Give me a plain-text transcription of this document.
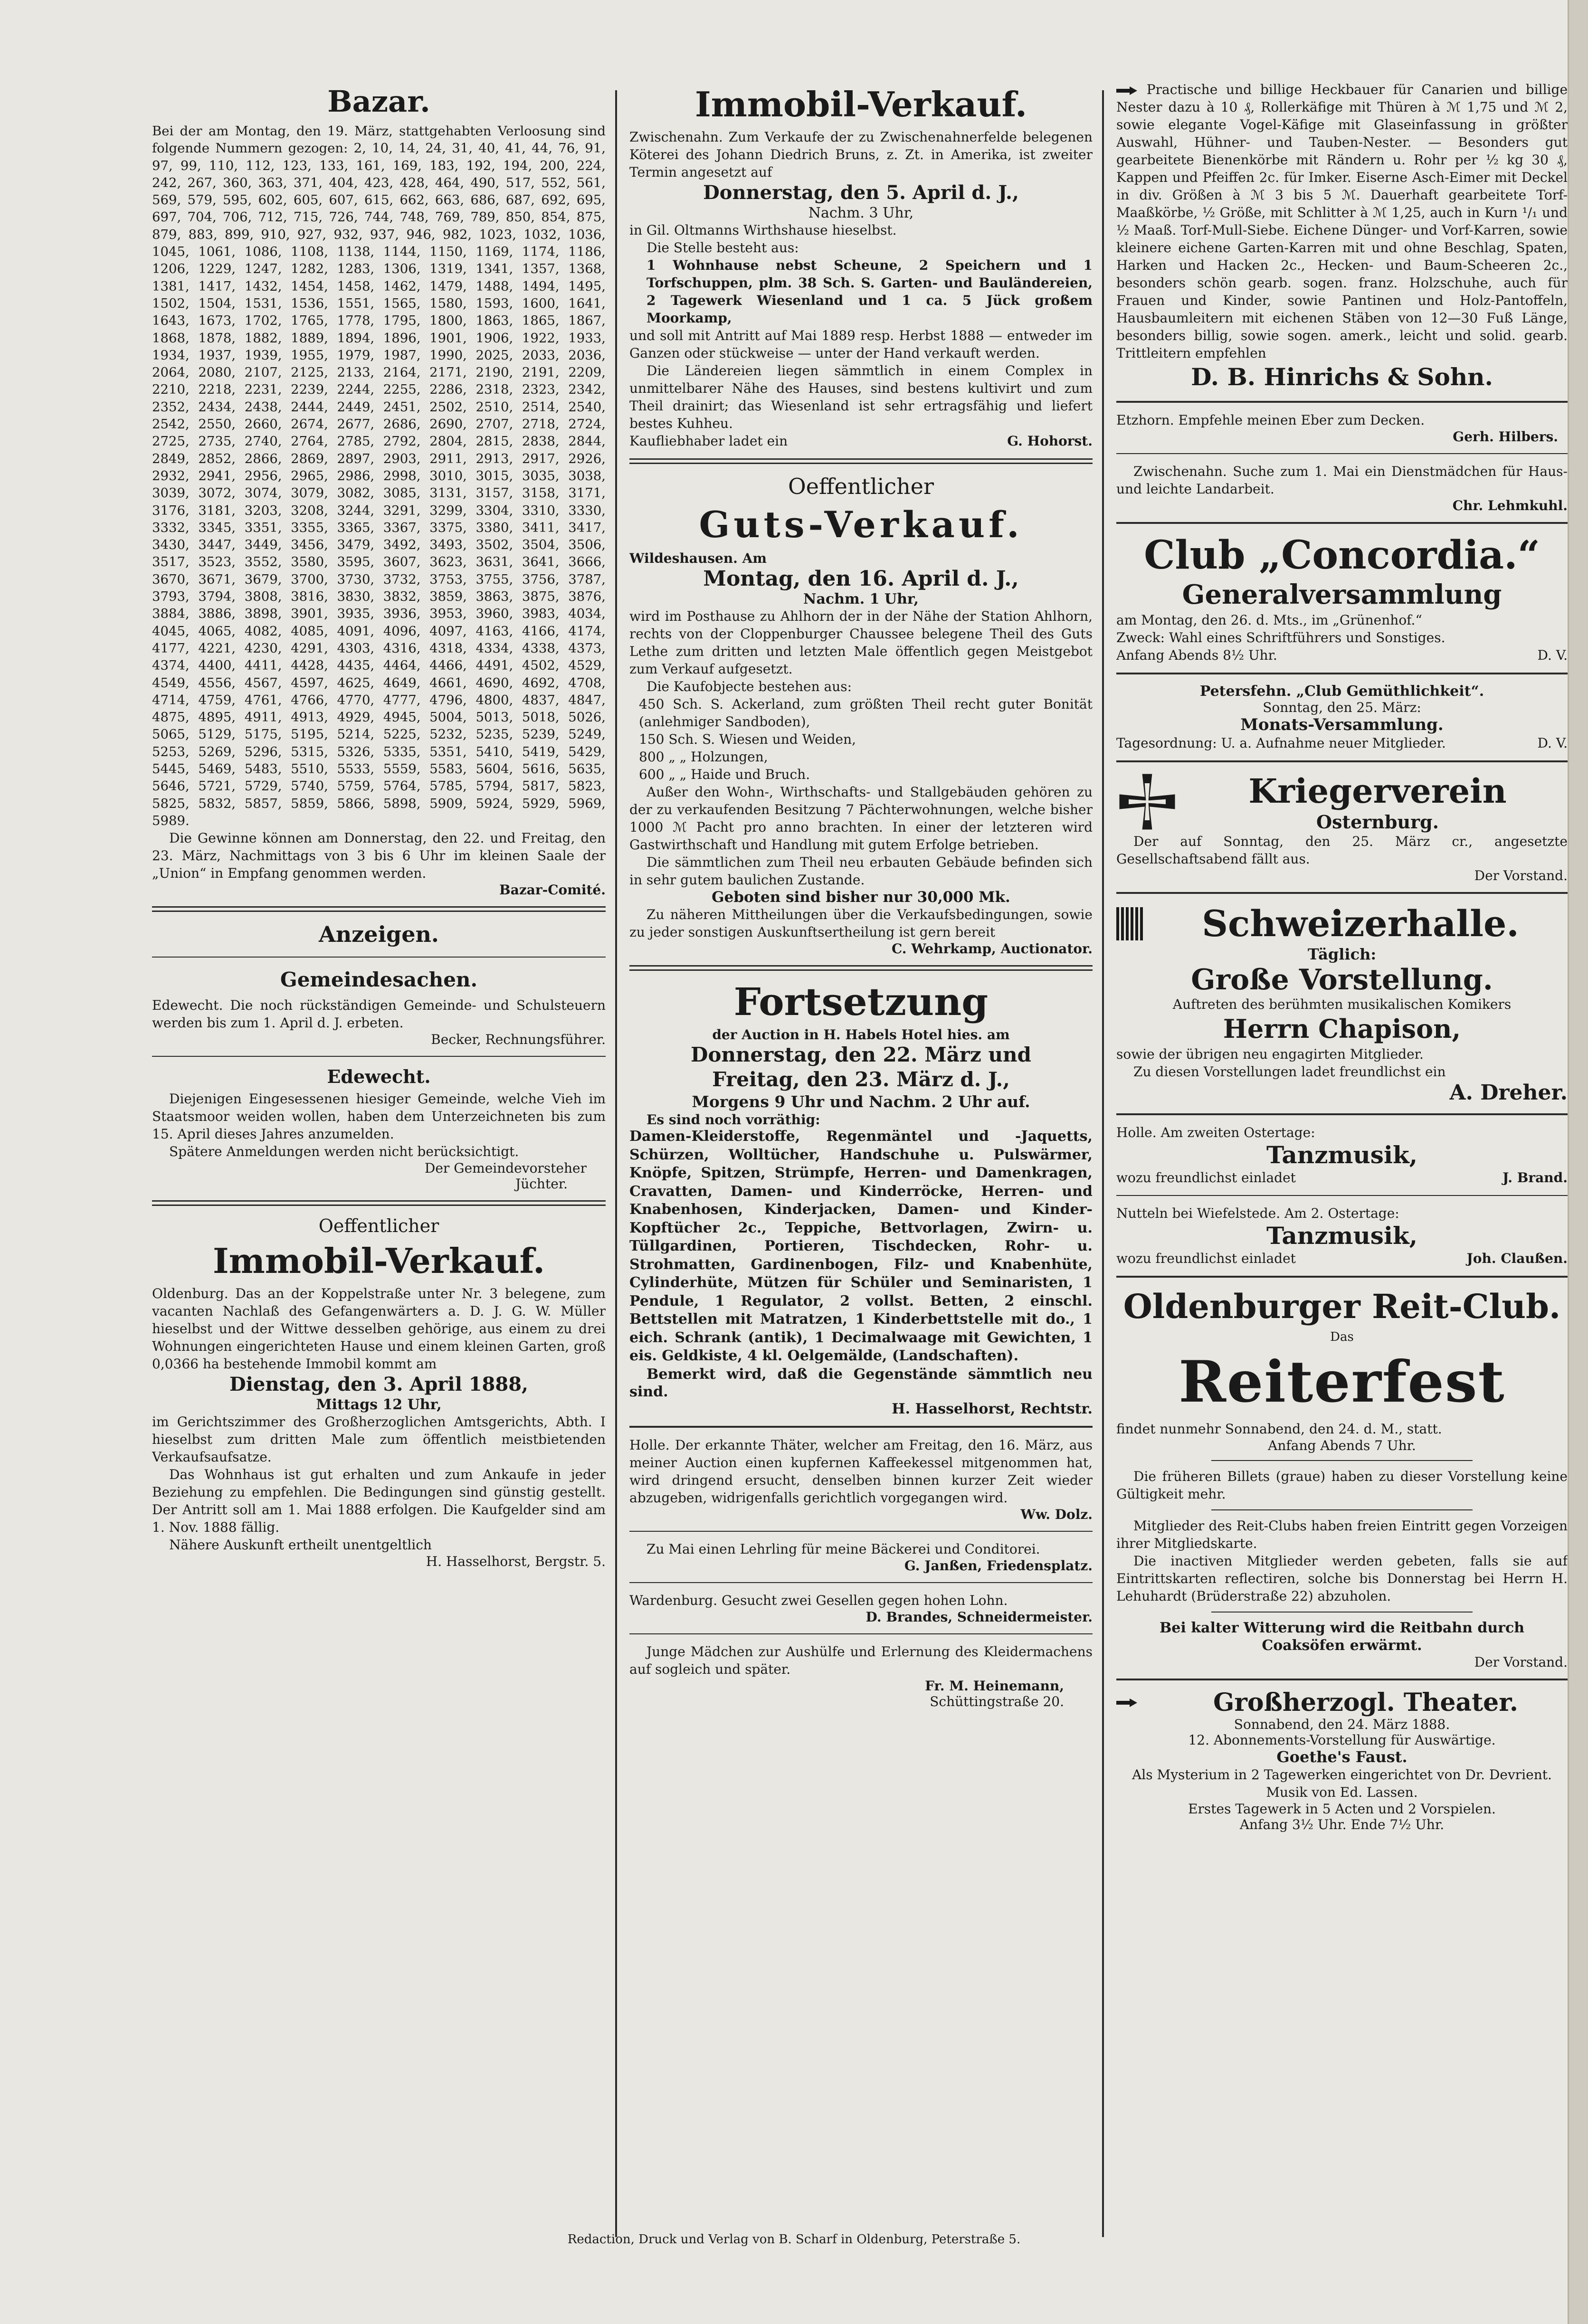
Bazar.

Bei der am Montag, den 19. März, stattgehabten Verloosung sind folgende Nummern gezogen: 2, 10, 14, 24, 31, 40, 41, 44, 76, 91, 97, 99, 110, 112, 123, 133, 161, 169, 183, 192, 194, 200, 224, 242, 267, 360, 363, 371, 404, 423, 428, 464, 490, 517, 552, 561, 569, 579, 595, 602, 605, 607, 615, 662, 663, 686, 687, 692, 695, 697, 704, 706, 712, 715, 726, 744, 748, 769, 789, 850, 854, 875, 879, 883, 899, 910, 927, 932, 937, 946, 982, 1023, 1032, 1036, 1045, 1061, 1086, 1108, 1138, 1144, 1150, 1169, 1174, 1186, 1206, 1229, 1247, 1282, 1283, 1306, 1319, 1341, 1357, 1368, 1381, 1417, 1432, 1454, 1458, 1462, 1479, 1488, 1494, 1495, 1502, 1504, 1531, 1536, 1551, 1565, 1580, 1593, 1600, 1641, 1643, 1673, 1702, 1765, 1778, 1795, 1800, 1863, 1865, 1867, 1868, 1878, 1882, 1889, 1894, 1896, 1901, 1906, 1922, 1933, 1934, 1937, 1939, 1955, 1979, 1987, 1990, 2025, 2033, 2036, 2064, 2080, 2107, 2125, 2133, 2164, 2171, 2190, 2191, 2209, 2210, 2218, 2231, 2239, 2244, 2255, 2286, 2318, 2323, 2342, 2352, 2434, 2438, 2444, 2449, 2451, 2502, 2510, 2514, 2540, 2542, 2550, 2660, 2674, 2677, 2686, 2690, 2707, 2718, 2724, 2725, 2735, 2740, 2764, 2785, 2792, 2804, 2815, 2838, 2844, 2849, 2852, 2866, 2869, 2897, 2903, 2911, 2913, 2917, 2926, 2932, 2941, 2956, 2965, 2986, 2998, 3010, 3015, 3035, 3038, 3039, 3072, 3074, 3079, 3082, 3085, 3131, 3157, 3158, 3171, 3176, 3181, 3203, 3208, 3244, 3291, 3299, 3304, 3310, 3330, 3332, 3345, 3351, 3355, 3365, 3367, 3375, 3380, 3411, 3417, 3430, 3447, 3449, 3456, 3479, 3492, 3493, 3502, 3504, 3506, 3517, 3523, 3552, 3580, 3595, 3607, 3623, 3631, 3641, 3666, 3670, 3671, 3679, 3700, 3730, 3732, 3753, 3755, 3756, 3787, 3793, 3794, 3808, 3816, 3830, 3832, 3859, 3863, 3875, 3876, 3884, 3886, 3898, 3901, 3935, 3936, 3953, 3960, 3983, 4034, 4045, 4065, 4082, 4085, 4091, 4096, 4097, 4163, 4166, 4174, 4177, 4221, 4230, 4291, 4303, 4316, 4318, 4334, 4338, 4373, 4374, 4400, 4411, 4428, 4435, 4464, 4466, 4491, 4502, 4529, 4549, 4556, 4567, 4597, 4625, 4649, 4661, 4690, 4692, 4708, 4714, 4759, 4761, 4766, 4770, 4777, 4796, 4800, 4837, 4847, 4875, 4895, 4911, 4913, 4929, 4945, 5004, 5013, 5018, 5026, 5065, 5129, 5175, 5195, 5214, 5225, 5232, 5235, 5239, 5249, 5253, 5269, 5296, 5315, 5326, 5335, 5351, 5410, 5419, 5429, 5445, 5469, 5483, 5510, 5533, 5559, 5583, 5604, 5616, 5635, 5646, 5721, 5729, 5740, 5759, 5764, 5785, 5794, 5817, 5823, 5825, 5832, 5857, 5859, 5866, 5898, 5909, 5924, 5929, 5969, 5989.

Die Gewinne können am Donnerstag, den 22. und Freitag, den 23. März, Nachmittags von 3 bis 6 Uhr im kleinen Saale der „Union“ in Empfang genommen werden.

Bazar-Comité.
Anzeigen.
Gemeindesachen.

Edewecht. Die noch rückständigen Gemeinde- und Schulsteuern werden bis zum 1. April d. J. erbeten.

Becker, Rechnungsführer.
Edewecht.

Diejenigen Eingesessenen hiesiger Gemeinde, welche Vieh im Staatsmoor weiden wollen, haben dem Unterzeichneten bis zum 15. April dieses Jahres anzumelden.

Spätere Anmeldungen werden nicht berücksichtigt.

Der Gemeindevorsteher
Jüchter.
Oeffentlicher
Immobil-Verkauf.

Oldenburg. Das an der Koppelstraße unter Nr. 3 belegene, zum vacanten Nachlaß des Gefangenwärters a. D. J. G. W. Müller hieselbst und der Wittwe desselben gehörige, aus einem zu drei Wohnungen eingerichteten Hause und einem kleinen Garten, groß 0,0366 ha bestehende Immobil kommt am

Dienstag, den 3. April 1888,
Mittags 12 Uhr,

im Gerichtszimmer des Großherzoglichen Amtsgerichts, Abth. I hieselbst zum dritten Male zum öffentlich meistbietenden Verkaufsaufsatze.

Das Wohnhaus ist gut erhalten und zum Ankaufe in jeder Beziehung zu empfehlen. Die Bedingungen sind günstig gestellt. Der Antritt soll am 1. Mai 1888 erfolgen. Die Kaufgelder sind am 1. Nov. 1888 fällig.

Nähere Auskunft ertheilt unentgeltlich

H. Hasselhorst, Bergstr. 5.
Immobil-Verkauf.

Zwischenahn. Zum Verkaufe der zu Zwischenahnerfelde belegenen Köterei des Johann Diedrich Bruns, z. Zt. in Amerika, ist zweiter Termin angesetzt auf

Donnerstag, den 5. April d. J.,
Nachm. 3 Uhr,

in Gil. Oltmanns Wirthshause hieselbst.

Die Stelle besteht aus:

1 Wohnhause nebst Scheune, 2 Speichern und 1 Torfschuppen, plm. 38 Sch. S. Garten- und Bauländereien, 2 Tagewerk Wiesenland und 1 ca. 5 Jück großem Moorkamp,

und soll mit Antritt auf Mai 1889 resp. Herbst 1888 — entweder im Ganzen oder stückweise — unter der Hand verkauft werden.

Die Ländereien liegen sämmtlich in einem Complex in unmittelbarer Nähe des Hauses, sind bestens kultivirt und zum Theil drainirt; das Wiesenland ist sehr ertragsfähig und liefert bestes Kuhheu.

Kaufliebhaber ladet ein	G. Hohorst.
Oeffentlicher
Guts-Verkauf.
Wildeshausen. Am
Montag, den 16. April d. J.,
Nachm. 1 Uhr,

wird im Posthause zu Ahlhorn der in der Nähe der Station Ahlhorn, rechts von der Cloppenburger Chaussee belegene Theil des Guts Lethe zum dritten und letzten Male öffentlich gegen Meistgebot zum Verkauf aufgesetzt.

Die Kaufobjecte bestehen aus:

450 Sch. S. Ackerland, zum größten Theil recht guter Bonität (anlehmiger Sandboden),

150 Sch. S. Wiesen und Weiden,

800 „ „ Holzungen,

600 „ „ Haide und Bruch.

Außer den Wohn-, Wirthschafts- und Stallgebäuden gehören zu der zu verkaufenden Besitzung 7 Pächterwohnungen, welche bisher 1000 ℳ Pacht pro anno brachten. In einer der letzteren wird Gastwirthschaft und Handlung mit gutem Erfolge betrieben.

Die sämmtlichen zum Theil neu erbauten Gebäude befinden sich in sehr gutem baulichen Zustande.

Geboten sind bisher nur 30,000 Mk.

Zu näheren Mittheilungen über die Verkaufsbedingungen, sowie zu jeder sonstigen Auskunftsertheilung ist gern bereit

C. Wehrkamp, Auctionator.
Fortsetzung
der Auction in H. Habels Hotel hies. am
Donnerstag, den 22. März und
Freitag, den 23. März d. J.,
Morgens 9 Uhr und Nachm. 2 Uhr auf.
Es sind noch vorräthig:

Damen-Kleiderstoffe, Regenmäntel und -Jaquetts, Schürzen, Wolltücher, Handschuhe u. Pulswärmer, Knöpfe, Spitzen, Strümpfe, Herren- und Damenkragen, Cravatten, Damen- und Kinderröcke, Herren- und Knabenhosen, Kinderjacken, Damen- und Kinder-Kopftücher 2c., Teppiche, Bettvorlagen, Zwirn- u. Tüllgardinen, Portieren, Tischdecken, Rohr- u. Strohmatten, Gardinenbogen, Filz- und Knabenhüte, Cylinderhüte, Mützen für Schüler und Seminaristen, 1 Pendule, 1 Regulator, 2 vollst. Betten, 2 einschl. Bettstellen mit Matratzen, 1 Kinderbettstelle mit do., 1 eich. Schrank (antik), 1 Decimalwaage mit Gewichten, 1 eis. Geldkiste, 4 kl. Oelgemälde, (Landschaften).

Bemerkt wird, daß die Gegenstände sämmtlich neu sind.

H. Hasselhorst, Rechtstr.

Holle. Der erkannte Thäter, welcher am Freitag, den 16. März, aus meiner Auction einen kupfernen Kaffeekessel mitgenommen hat, wird dringend ersucht, denselben binnen kurzer Zeit wieder abzugeben, widrigenfalls gerichtlich vorgegangen wird.

Ww. Dolz.

Zu Mai einen Lehrling für meine Bäckerei und Conditorei.

G. Janßen, Friedensplatz.

Wardenburg. Gesucht zwei Gesellen gegen hohen Lohn.

D. Brandes, Schneidermeister.

Junge Mädchen zur Aushülfe und Erlernung des Kleidermachens auf sogleich und später.

Fr. M. Heinemann,
Schüttingstraße 20.

Practische und billige Heckbauer für Canarien und billige Nester dazu à 10 ₰, Rollerkäfige mit Thüren à ℳ 1,75 und ℳ 2, sowie elegante Vogel-Käfige mit Glaseinfassung in größter Auswahl, Hühner- und Tauben-Nester. — Besonders gut gearbeitete Bienenkörbe mit Rändern u. Rohr per ½ kg 30 ₰, Kappen und Pfeiffen 2c. für Imker. Eiserne Asch-Eimer mit Deckel in div. Größen à ℳ 3 bis 5 ℳ. Dauerhaft gearbeitete Torf-Maaßkörbe, ½ Größe, mit Schlitter à ℳ 1,25, auch in Kurn ¹/₁ und ½ Maaß. Torf-Mull-Siebe. Eichene Dünger- und Vorf-Karren, sowie kleinere eichene Garten-Karren mit und ohne Beschlag, Spaten, Harken und Hacken 2c., Hecken- und Baum-Scheeren 2c., besonders schön gearb. sogen. franz. Holzschuhe, auch für Frauen und Kinder, sowie Pantinen und Holz-Pantoffeln, Hausbaumleitern mit eichenen Stäben von 12—30 Fuß Länge, besonders billig, sowie sogen. amerk., leicht und solid. gearb. Trittleitern empfehlen

D. B. Hinrichs & Sohn.

Etzhorn. Empfehle meinen Eber zum Decken.

Gerh. Hilbers.

Zwischenahn. Suche zum 1. Mai ein Dienstmädchen für Haus- und leichte Landarbeit.

Chr. Lehmkuhl.
Club „Concordia.“
Generalversammlung

am Montag, den 26. d. Mts., im „Grünenhof.“

Zweck: Wahl eines Schriftführers und Sonstiges.

Anfang Abends 8½ Uhr.	D. V.
Petersfehn. „Club Gemüthlichkeit“.
Sonntag, den 25. März:
Monats-Versammlung.
Tagesordnung: U. a. Aufnahme neuer Mitglieder.	D. V.
Kriegerverein
Osternburg.

Der auf Sonntag, den 25. März cr., angesetzte Gesellschaftsabend fällt aus.

Der Vorstand.
Schweizerhalle.
Täglich:
Große Vorstellung.
Auftreten des berühmten musikalischen Komikers
Herrn Chapison,

sowie der übrigen neu engagirten Mitglieder.

Zu diesen Vorstellungen ladet freundlichst ein

A. Dreher.

Holle. Am zweiten Ostertage:

Tanzmusik,
wozu freundlichst einladet	J. Brand.

Nutteln bei Wiefelstede. Am 2. Ostertage:

Tanzmusik,
wozu freundlichst einladet	Joh. Claußen.
Oldenburger Reit-Club.
Das
Reiterfest

findet nunmehr Sonnabend, den 24. d. M., statt.

Anfang Abends 7 Uhr.

Die früheren Billets (graue) haben zu dieser Vorstellung keine Gültigkeit mehr.

Mitglieder des Reit-Clubs haben freien Eintritt gegen Vorzeigen ihrer Mitgliedskarte.

Die inactiven Mitglieder werden gebeten, falls sie auf Eintrittskarten reflectiren, solche bis Donnerstag bei Herrn H. Lehuhardt (Brüderstraße 22) abzuholen.

Bei kalter Witterung wird die Reitbahn durch Coaksöfen erwärmt.

Der Vorstand.
Großherzogl. Theater.
Sonnabend, den 24. März 1888.
12. Abonnements-Vorstellung für Auswärtige.
Goethe's Faust.

Als Mysterium in 2 Tagewerken eingerichtet von Dr. Devrient. Musik von Ed. Lassen.

Erstes Tagewerk in 5 Acten und 2 Vorspielen.
Anfang 3½ Uhr. Ende 7½ Uhr.
Redaction, Druck und Verlag von B. Scharf in Oldenburg, Peterstraße 5.
